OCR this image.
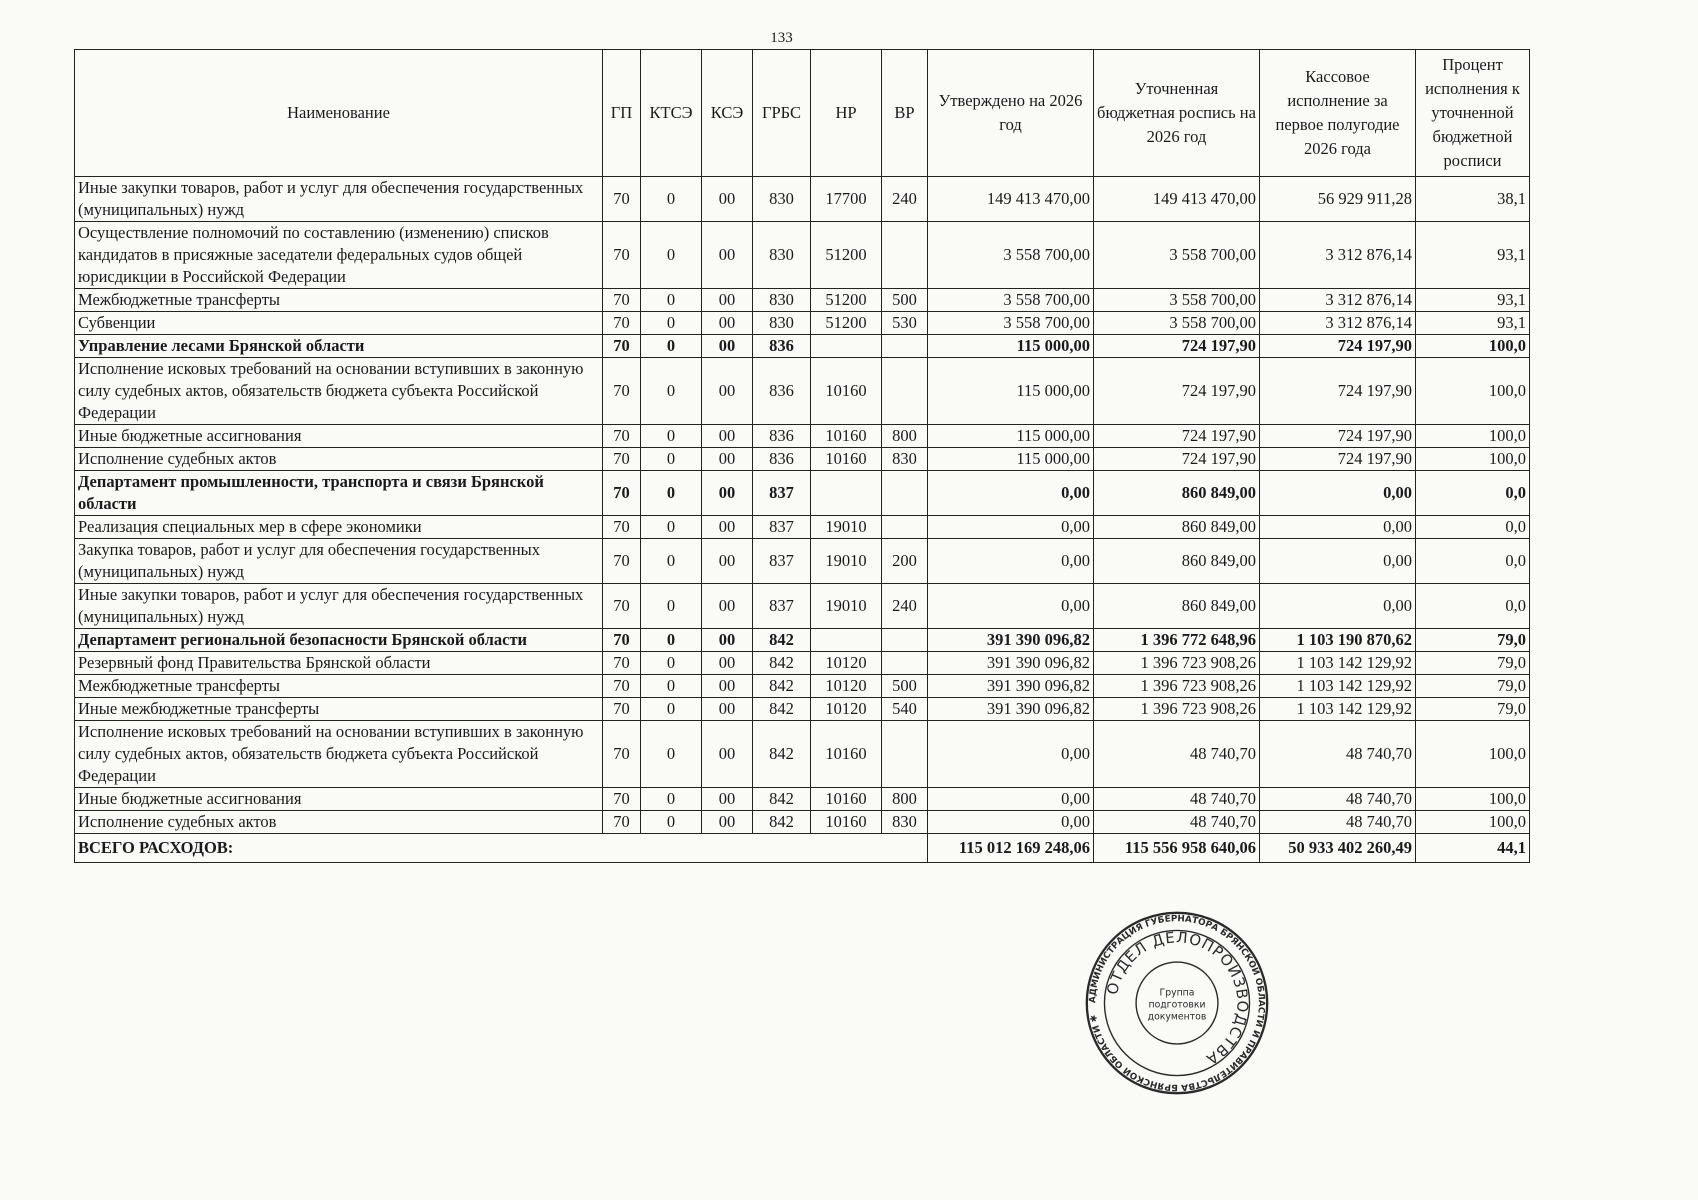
133
Наименование	ГП	КТСЭ	КСЭ	ГРБС	НР	ВР	Утверждено на 2026 год	Уточненная бюджетная роспись на 2026 год	Кассовое исполнение за первое полугодие 2026 года	Процент исполнения к уточненной бюджетной росписи
Иные закупки товаров, работ и услуг для обеспечения государственных (муниципальных) нужд	70	0	00	830	17700	240	149 413 470,00	149 413 470,00	56 929 911,28	38,1
Осуществление полномочий по составлению (изменению) списков кандидатов в присяжные заседатели федеральных судов общей юрисдикции в Российской Федерации	70	0	00	830	51200		3 558 700,00	3 558 700,00	3 312 876,14	93,1
Межбюджетные трансферты	70	0	00	830	51200	500	3 558 700,00	3 558 700,00	3 312 876,14	93,1
Субвенции	70	0	00	830	51200	530	3 558 700,00	3 558 700,00	3 312 876,14	93,1
Управление лесами Брянской области	70	0	00	836			115 000,00	724 197,90	724 197,90	100,0
Исполнение исковых требований на основании вступивших в законную силу судебных актов, обязательств бюджета субъекта Российской Федерации	70	0	00	836	10160		115 000,00	724 197,90	724 197,90	100,0
Иные бюджетные ассигнования	70	0	00	836	10160	800	115 000,00	724 197,90	724 197,90	100,0
Исполнение судебных актов	70	0	00	836	10160	830	115 000,00	724 197,90	724 197,90	100,0
Департамент промышленности, транспорта и связи Брянской области	70	0	00	837			0,00	860 849,00	0,00	0,0
Реализация специальных мер в сфере экономики	70	0	00	837	19010		0,00	860 849,00	0,00	0,0
Закупка товаров, работ и услуг для обеспечения государственных (муниципальных) нужд	70	0	00	837	19010	200	0,00	860 849,00	0,00	0,0
Иные закупки товаров, работ и услуг для обеспечения государственных (муниципальных) нужд	70	0	00	837	19010	240	0,00	860 849,00	0,00	0,0
Департамент региональной безопасности Брянской области	70	0	00	842			391 390 096,82	1 396 772 648,96	1 103 190 870,62	79,0
Резервный фонд Правительства Брянской области	70	0	00	842	10120		391 390 096,82	1 396 723 908,26	1 103 142 129,92	79,0
Межбюджетные трансферты	70	0	00	842	10120	500	391 390 096,82	1 396 723 908,26	1 103 142 129,92	79,0
Иные межбюджетные трансферты	70	0	00	842	10120	540	391 390 096,82	1 396 723 908,26	1 103 142 129,92	79,0
Исполнение исковых требований на основании вступивших в законную силу судебных актов, обязательств бюджета субъекта Российской Федерации	70	0	00	842	10160		0,00	48 740,70	48 740,70	100,0
Иные бюджетные ассигнования	70	0	00	842	10160	800	0,00	48 740,70	48 740,70	100,0
Исполнение судебных актов	70	0	00	842	10160	830	0,00	48 740,70	48 740,70	100,0
ВСЕГО РАСХОДОВ:							115 012 169 248,06	115 556 958 640,06	50 933 402 260,49	44,1
АДМИНИСТРАЦИЯ ГУБЕРНАТОРА БРЯНСКОЙ ОБЛАСТИ И ПРАВИТЕЛЬСТВА БРЯНСКОЙ ОБЛАСТИ ✱
ОТДЕЛ ДЕЛОПРОИЗВОДСТВА
Группа
подготовки
документов
